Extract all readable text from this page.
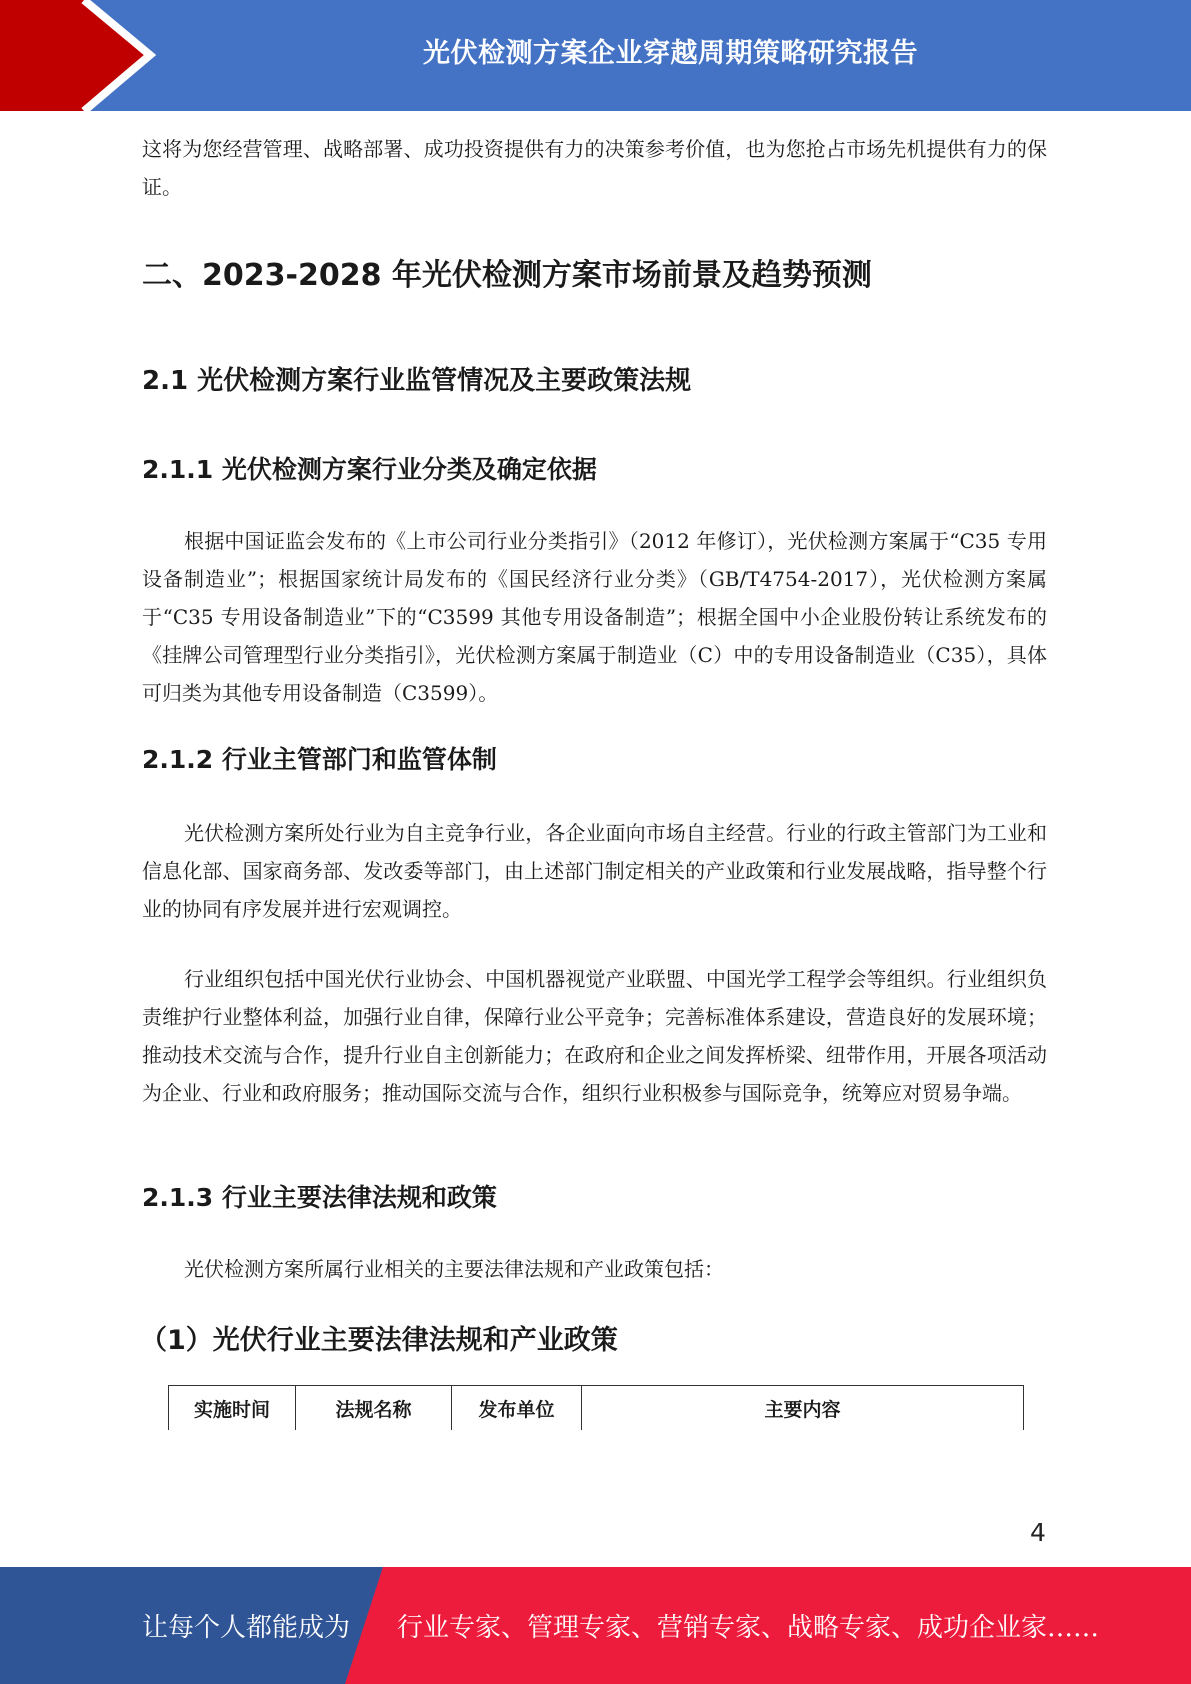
光伏检测方案企业穿越周期策略研究报告

这将为您经营管理、战略部署、成功投资提供有力的决策参考价值，也为您抢占市场先机提供有力的保证。

二、2023-2028 年光伏检测方案市场前景及趋势预测
2.1 光伏检测方案行业监管情况及主要政策法规
2.1.1 光伏检测方案行业分类及确定依据

根据中国证监会发布的《上市公司行业分类指引》（2012 年修订），光伏检测方案属于“C35 专用设备制造业”；根据国家统计局发布的《国民经济行业分类》（GB/T4754-2017），光伏检测方案属于“C35 专用设备制造业”下的“C3599 其他专用设备制造”；根据全国中小企业股份转让系统发布的《挂牌公司管理型行业分类指引》，光伏检测方案属于制造业（C）中的专用设备制造业（C35），具体可归类为其他专用设备制造（C3599）。

2.1.2 行业主管部门和监管体制

光伏检测方案所处行业为自主竞争行业，各企业面向市场自主经营。行业的行政主管部门为工业和信息化部、国家商务部、发改委等部门，由上述部门制定相关的产业政策和行业发展战略，指导整个行业的协同有序发展并进行宏观调控。

行业组织包括中国光伏行业协会、中国机器视觉产业联盟、中国光学工程学会等组织。行业组织负责维护行业整体利益，加强行业自律，保障行业公平竞争；完善标准体系建设，营造良好的发展环境；推动技术交流与合作，提升行业自主创新能力；在政府和企业之间发挥桥梁、纽带作用，开展各项活动为企业、行业和政府服务；推动国际交流与合作，组织行业积极参与国际竞争，统筹应对贸易争端。

2.1.3 行业主要法律法规和政策

光伏检测方案所属行业相关的主要法律法规和产业政策包括：

（1）光伏行业主要法律法规和产业政策
实施时间	法规名称	发布单位	主要内容
4
让每个人都能成为 行业专家、管理专家、营销专家、战略专家、成功企业家……
